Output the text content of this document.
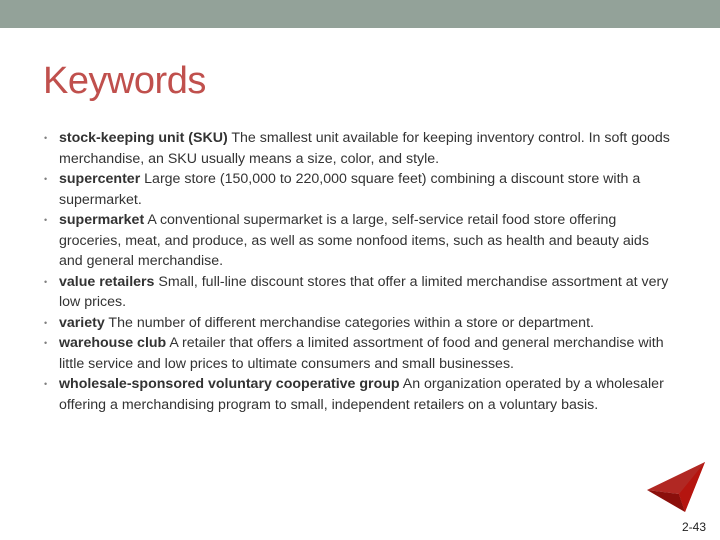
Keywords
• stock-keeping unit (SKU) The smallest unit available for keeping inventory control. In soft goods merchandise, an SKU usually means a size, color, and style.
• supercenter Large store (150,000 to 220,000 square feet) combining a discount store with a supermarket.
• supermarket A conventional supermarket is a large, self-service retail food store offering groceries, meat, and produce, as well as some nonfood items, such as health and beauty aids and general merchandise.
• value retailers Small, full-line discount stores that offer a limited merchandise assortment at very low prices.
• variety The number of different merchandise categories within a store or department.
• warehouse club A retailer that offers a limited assortment of food and general merchandise with little service and low prices to ultimate consumers and small businesses.
• wholesale-sponsored voluntary cooperative group An organization operated by a wholesaler offering a merchandising program to small, independent retailers on a voluntary basis.
2-43
